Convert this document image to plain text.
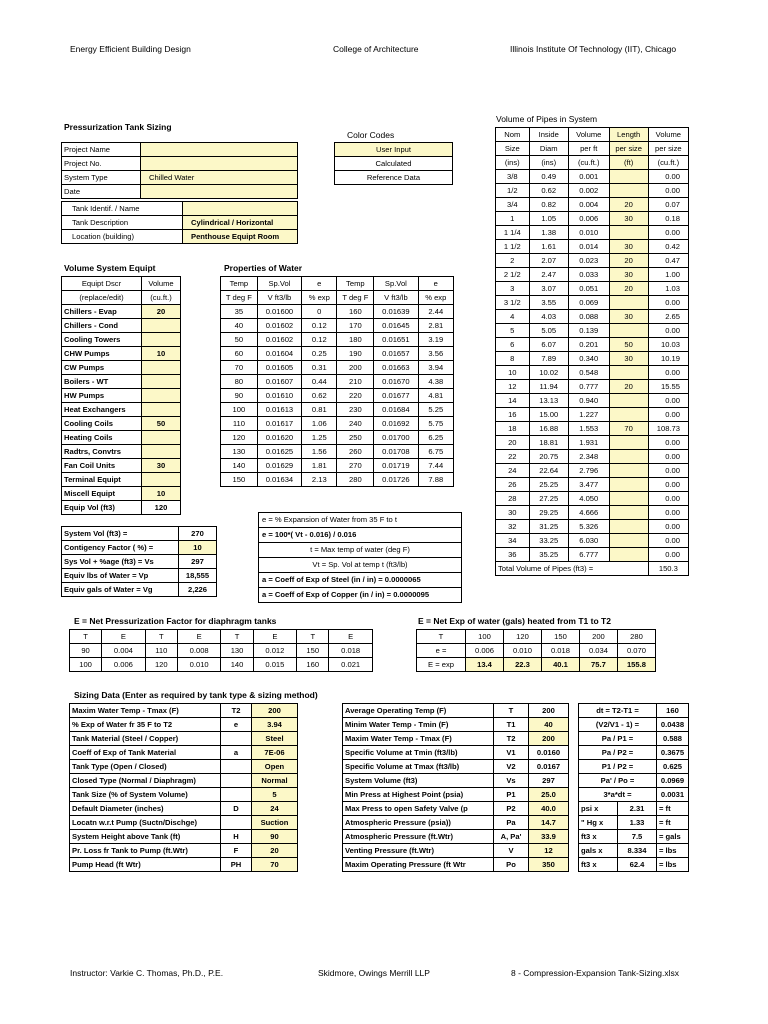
Energy Efficient Building Design	College of Architecture	Illinois Institute Of Technology (IIT), Chicago
Pressurization Tank Sizing
Project Name	
Project No.	
System Type	Chilled Water
Date	
Tank Identif. / Name	
Tank Description	Cylindrical / Horizontal
Location (building)	Penthouse Equipt Room
Color Codes
User Input
Calculated
Reference Data
Volume of Pipes in System
Nom	Inside	Volume	Length	Volume
Size	Diam	per ft	per size	per size
(ins)	(ins)	(cu.ft.)	(ft)	(cu.ft.)
3/8	0.49	0.001		0.00
1/2	0.62	0.002		0.00
3/4	0.82	0.004	20	0.07
1	1.05	0.006	30	0.18
1 1/4	1.38	0.010		0.00
1 1/2	1.61	0.014	30	0.42
2	2.07	0.023	20	0.47
2 1/2	2.47	0.033	30	1.00
3	3.07	0.051	20	1.03
3 1/2	3.55	0.069		0.00
4	4.03	0.088	30	2.65
5	5.05	0.139		0.00
6	6.07	0.201	50	10.03
8	7.89	0.340	30	10.19
10	10.02	0.548		0.00
12	11.94	0.777	20	15.55
14	13.13	0.940		0.00
16	15.00	1.227		0.00
18	16.88	1.553	70	108.73
20	18.81	1.931		0.00
22	20.75	2.348		0.00
24	22.64	2.796		0.00
26	25.25	3.477		0.00
28	27.25	4.050		0.00
30	29.25	4.666		0.00
32	31.25	5.326		0.00
34	33.25	6.030		0.00
36	35.25	6.777		0.00
Total Volume of Pipes (ft3) =				150.3
Volume System Equipt
Equipt Dscr	Volume
(replace/edit)	(cu.ft.)
Chillers - Evap	20
Chillers - Cond	
Cooling Towers	
CHW Pumps	10
CW Pumps	
Boilers - WT	
HW Pumps	
Heat Exchangers	
Cooling Coils	50
Heating Coils	
Radtrs, Convtrs	
Fan Coil Units	30
Terminal Equipt	
Miscell Equipt	10
Equip Vol (ft3)	120
System Vol (ft3) =	270
Contigency Factor ( %) =	10
Sys Vol + %age (ft3) = Vs	297
Equiv lbs of Water = Vp	18,555
Equiv gals of Water = Vg	2,226
Properties of Water
Temp	Sp.Vol	e	Temp	Sp.Vol	e
T deg F	V ft3/lb	% exp	T deg F	V ft3/lb	% exp
35	0.01600	0	160	0.01639	2.44
40	0.01602	0.12	170	0.01645	2.81
50	0.01602	0.12	180	0.01651	3.19
60	0.01604	0.25	190	0.01657	3.56
70	0.01605	0.31	200	0.01663	3.94
80	0.01607	0.44	210	0.01670	4.38
90	0.01610	0.62	220	0.01677	4.81
100	0.01613	0.81	230	0.01684	5.25
110	0.01617	1.06	240	0.01692	5.75
120	0.01620	1.25	250	0.01700	6.25
130	0.01625	1.56	260	0.01708	6.75
140	0.01629	1.81	270	0.01719	7.44
150	0.01634	2.13	280	0.01726	7.88
e = % Expansion of Water from 35 F to t
e = 100*( Vt - 0.016) / 0.016
t = Max temp of water (deg F)
Vt = Sp. Vol at temp t (ft3/lb)
a = Coeff of Exp of Steel (in / in) = 0.0000065
a = Coeff of Exp of Copper (in / in) = 0.0000095
E = Net Pressurization Factor for diaphragm tanks
T	E	T	E	T	E	T	E
90	0.004	110	0.008	130	0.012	150	0.018
100	0.006	120	0.010	140	0.015	160	0.021
E = Net Exp of water (gals) heated from T1 to T2
T	100	120	150	200	280
e =	0.006	0.010	0.018	0.034	0.070
E = exp	13.4	22.3	40.1	75.7	155.8
Sizing Data (Enter as required by tank type & sizing method)
Maxim Water Temp - Tmax (F)	T2	200
% Exp of Water fr 35 F to T2	e	3.94
Tank Material (Steel / Copper)		Steel
Coeff of Exp of Tank Material	a	7E-06
Tank Type (Open / Closed)		Open
Closed Type (Normal / Diaphragm)		Normal
Tank Size (% of System Volume)		5
Default Diameter (inches)	D	24
Locatn w.r.t Pump (Suctn/Dischge)		Suction
System Height above Tank (ft)	H	90
Pr. Loss fr Tank to Pump (ft.Wtr)	F	20
Pump Head (ft Wtr)	PH	70
Average Operating Temp (F)	T	200
Minim Water Temp - Tmin (F)	T1	40
Maxim Water Temp - Tmax (F)	T2	200
Specific Volume at Tmin (ft3/lb)	V1	0.0160
Specific Volume at Tmax (ft3/lb)	V2	0.0167
System Volume (ft3)	Vs	297
Min Press at Highest Point (psia)	P1	25.0
Max Press to open Safety Valve (p	P2	40.0
Atmospheric Pressure (psia))	Pa	14.7
Atmospheric Pressure (ft.Wtr)	A, Pa'	33.9
Venting Pressure (ft.Wtr)	V	12
Maxim Operating Pressure (ft Wtr	Po	350
dt = T2-T1 =		160
(V2/V1 - 1) =		0.0438
Pa / P1 =		0.588
Pa / P2 =		0.3675
P1 / P2 =		0.625
Pa' / Po =		0.0969
3*a*dt =		0.0031
psi x	2.31	= ft
" Hg x	1.33	= ft
ft3 x	7.5	= gals
gals x	8.334	= lbs
ft3 x	62.4	= lbs
Instructor: Varkie C. Thomas, Ph.D., P.E.	Skidmore, Owings Merrill LLP	8 - Compression-Expansion Tank-Sizing.xlsx
